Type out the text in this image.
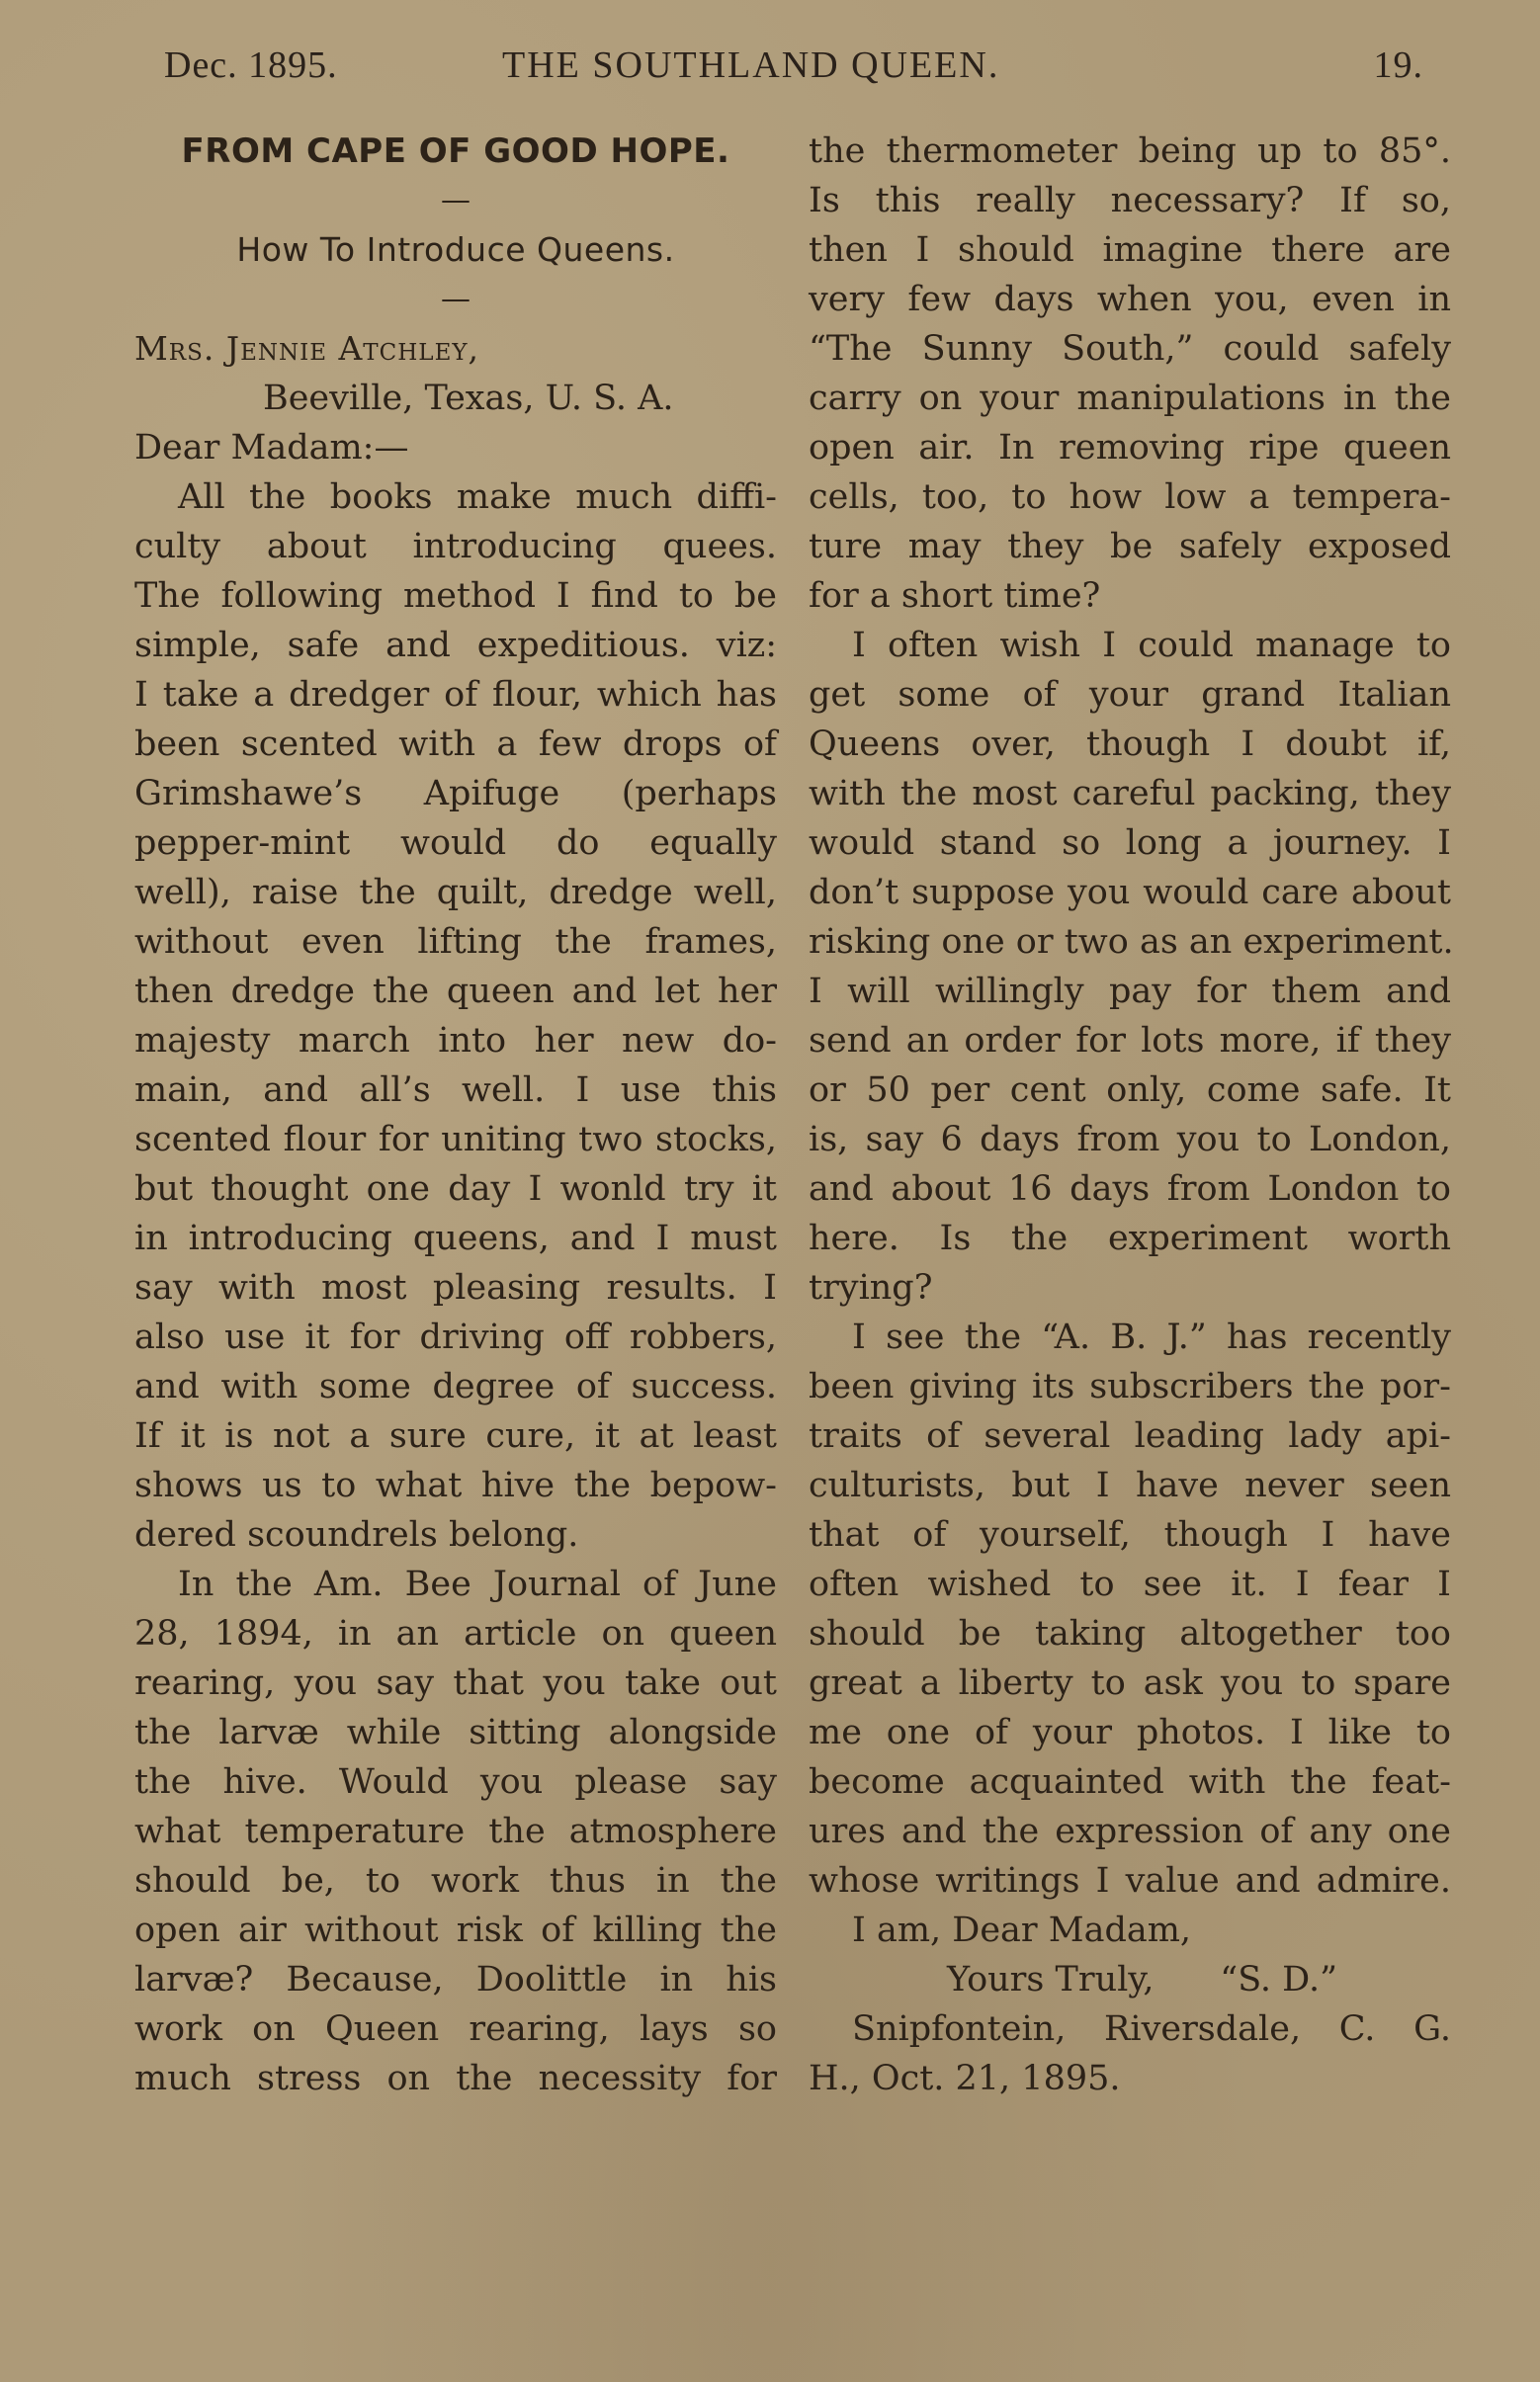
Dec. 1895.	THE SOUTHLAND QUEEN.	19.
FROM CAPE OF GOOD HOPE.
—
How To Introduce Queens.
—
Mrs. Jennie Atchley,
Beeville, Texas, U. S. A.
Dear Madam:—
All the books make much diffi-
culty about introducing quees.
The following method I find to be
simple, safe and expeditious. viz:
I take a dredger of flour, which has
been scented with a few drops of
Grimshawe’s Apifuge (perhaps
pepper-mint would do equally
well), raise the quilt, dredge well,
without even lifting the frames,
then dredge the queen and let her
majesty march into her new do-
main, and all’s well. I use this
scented flour for uniting two stocks,
but thought one day I wonld try it
in introducing queens, and I must
say with most pleasing results. I
also use it for driving off robbers,
and with some degree of success.
If it is not a sure cure, it at least
shows us to what hive the bepow-
dered scoundrels belong.
In the Am. Bee Journal of June
28, 1894, in an article on queen
rearing, you say that you take out
the larvæ while sitting alongside
the hive. Would you please say
what temperature the atmosphere
should be, to work thus in the
open air without risk of killing the
larvæ? Because, Doolittle in his
work on Queen rearing, lays so
much stress on the necessity for
the thermometer being up to 85°.
Is this really necessary? If so,
then I should imagine there are
very few days when you, even in
“The Sunny South,” could safely
carry on your manipulations in the
open air. In removing ripe queen
cells, too, to how low a tempera-
ture may they be safely exposed
for a short time?
I often wish I could manage to
get some of your grand Italian
Queens over, though I doubt if,
with the most careful packing, they
would stand so long a journey. I
don’t suppose you would care about
risking one or two as an experiment.
I will willingly pay for them and
send an order for lots more, if they
or 50 per cent only, come safe. It
is, say 6 days from you to London,
and about 16 days from London to
here. Is the experiment worth
trying?
I see the “A. B. J.” has recently
been giving its subscribers the por-
traits of several leading lady api-
culturists, but I have never seen
that of yourself, though I have
often wished to see it. I fear I
should be taking altogether too
great a liberty to ask you to spare
me one of your photos. I like to
become acquainted with the feat-
ures and the expression of any one
whose writings I value and admire.
I am, Dear Madam,
Yours Truly,      “S. D.”
Snipfontein, Riversdale, C. G.
H., Oct. 21, 1895.
